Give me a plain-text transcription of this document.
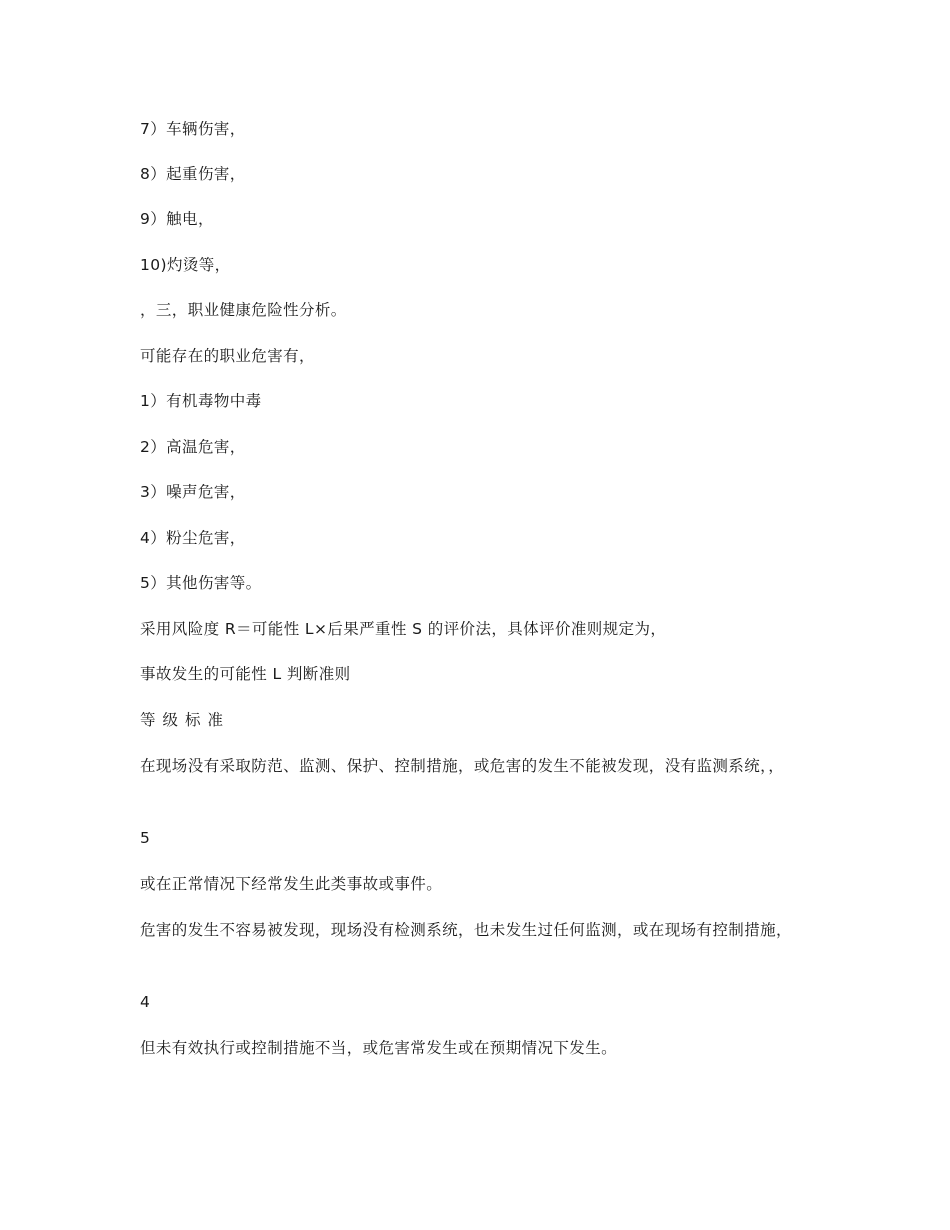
7）车辆伤害，

8）起重伤害，

9）触电，

10)灼烫等，

，三，职业健康危险性分析。

可能存在的职业危害有，

1）有机毒物中毒

2）高温危害，

3）噪声危害，

4）粉尘危害，

5）其他伤害等。

采用风险度 R＝可能性 L×后果严重性 S 的评价法，具体评价准则规定为，

事故发生的可能性 L 判断准则

等级标准

在现场没有采取防范、监测、保护、控制措施，或危害的发生不能被发现，没有监测系统，，

5

或在正常情况下经常发生此类事故或事件。

危害的发生不容易被发现，现场没有检测系统，也未发生过任何监测，或在现场有控制措施，

4

但未有效执行或控制措施不当，或危害常发生或在预期情况下发生。
